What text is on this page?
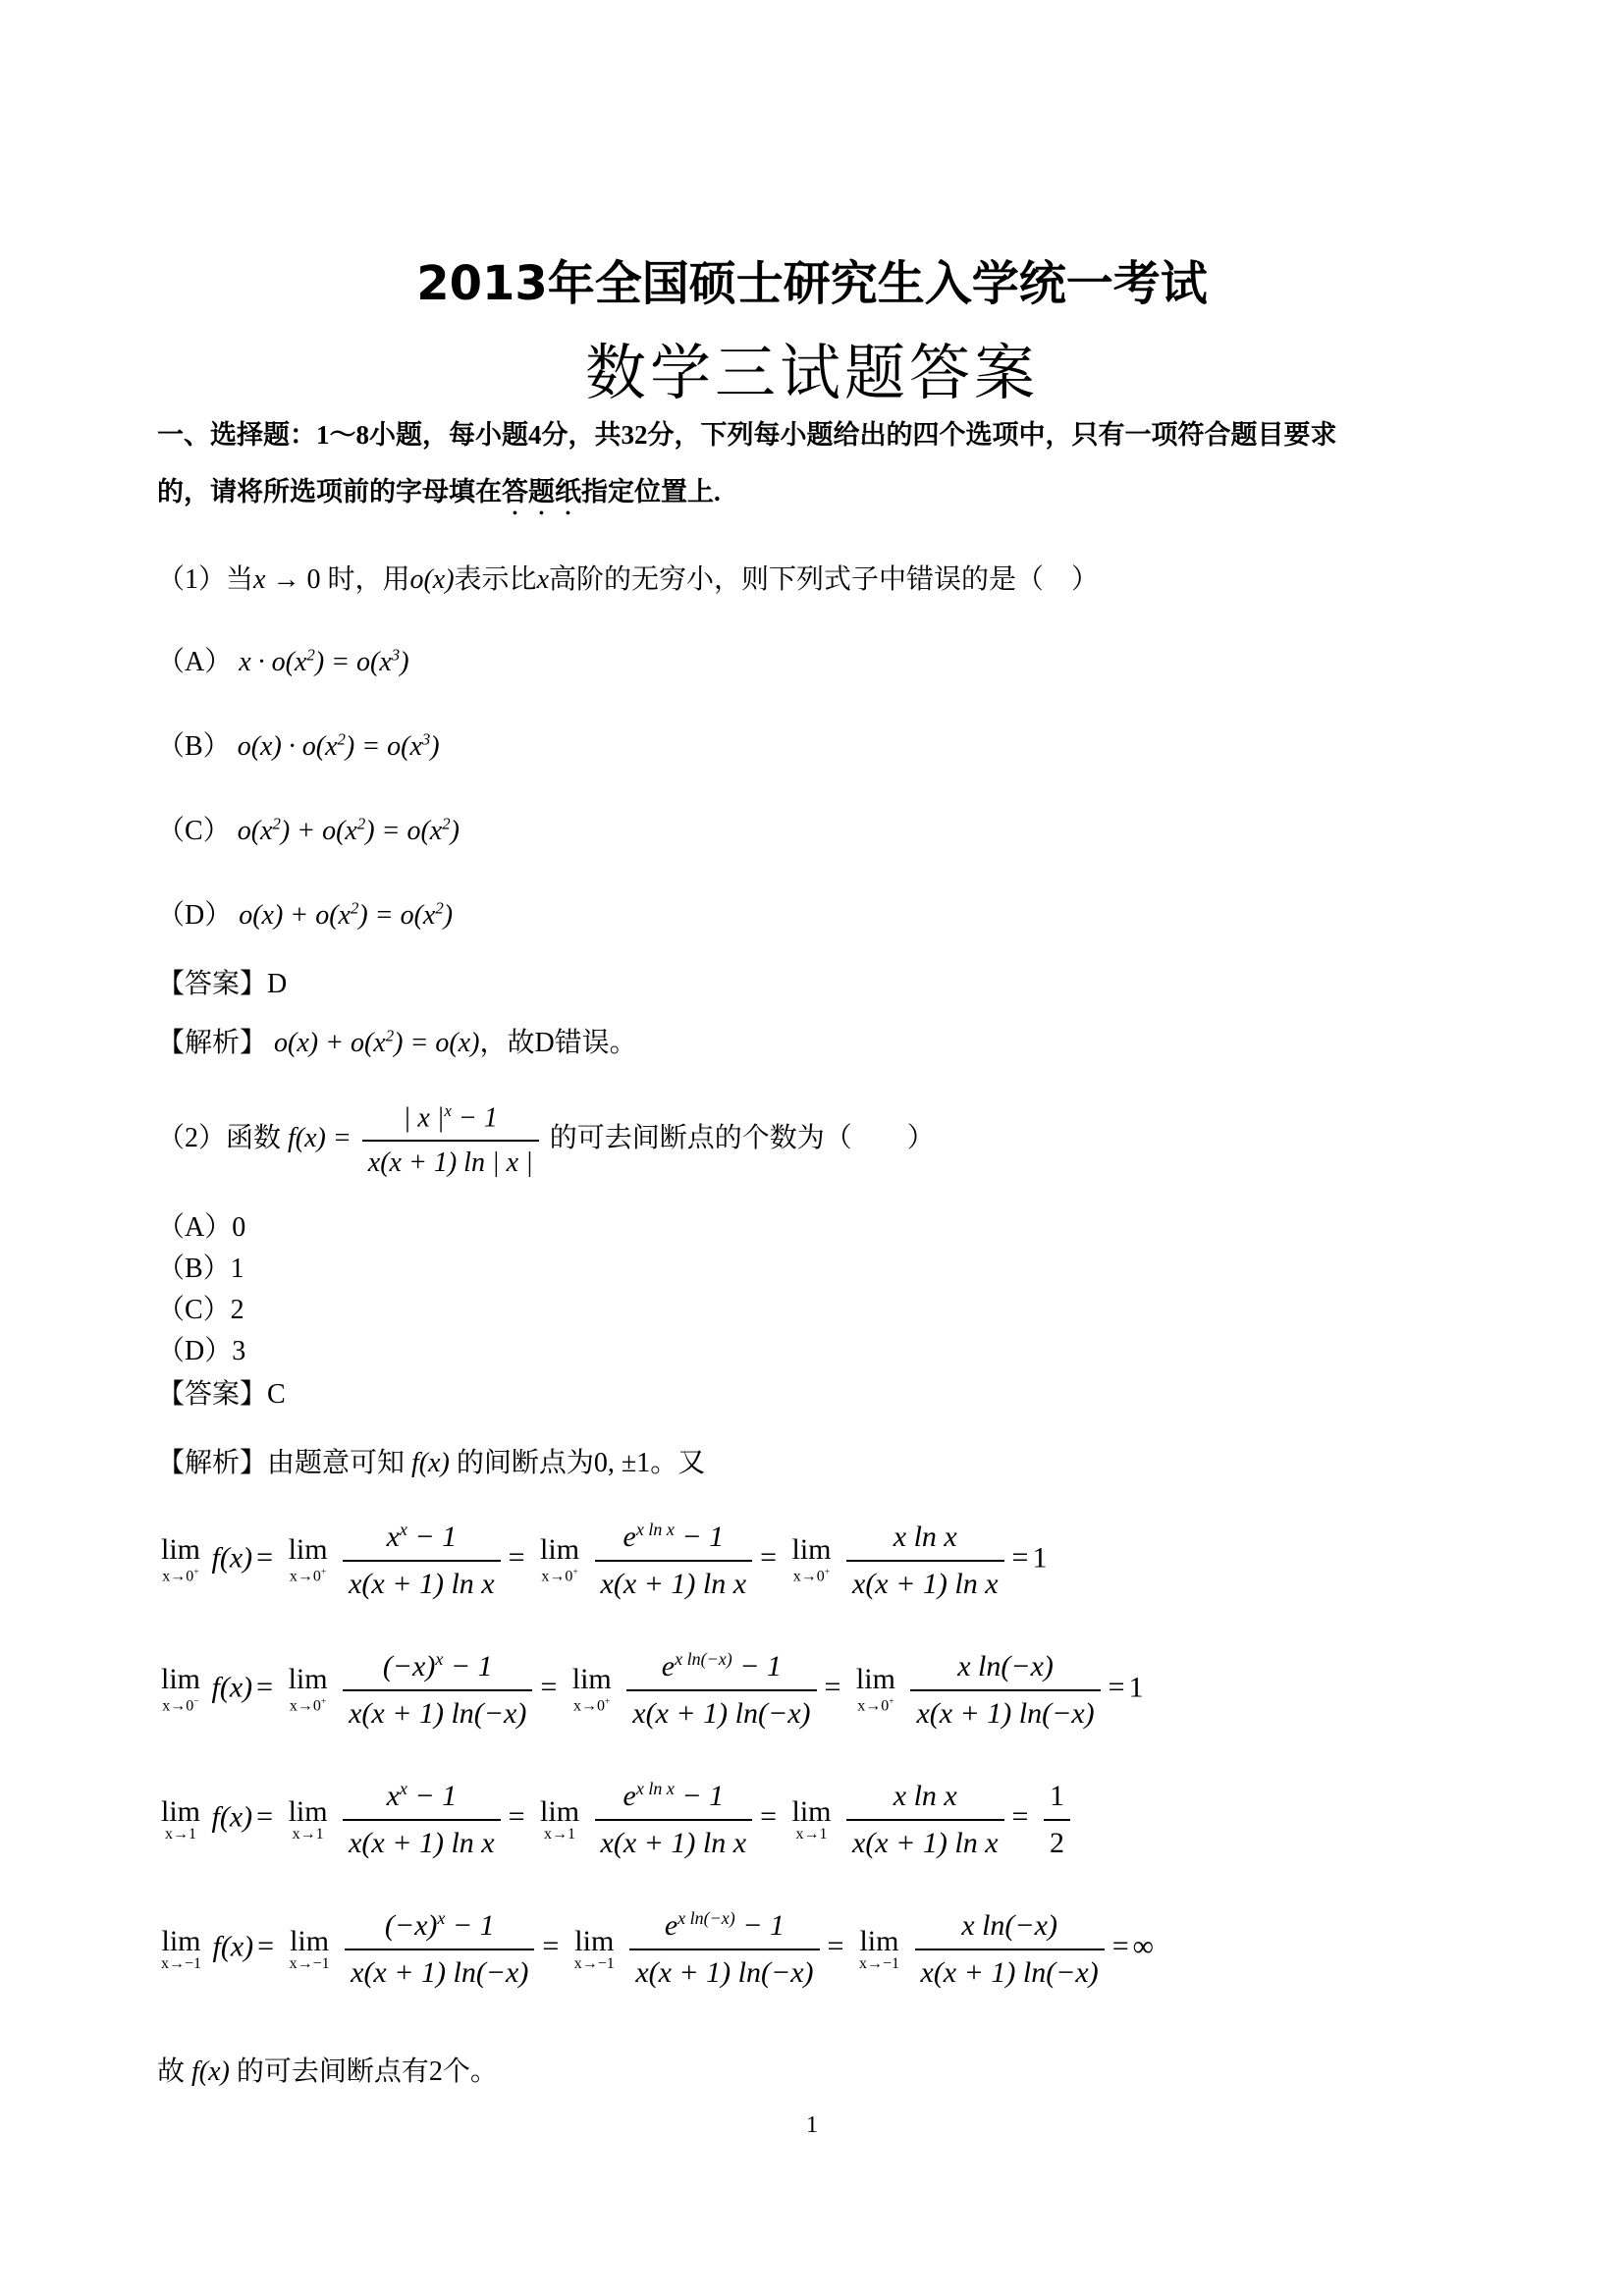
2013年全国硕士研究生入学统一考试
数学三试题答案
一、选择题：1～8小题，每小题4分，共32分，下列每小题给出的四个选项中，只有一项符合题目要求
的，请将所选项前的字母填在答题纸指定位置上.
（1）当x → 0 时，用o(x)表示比x高阶的无穷小，则下列式子中错误的是（　）
（A） $x \cdot o(x^2) = o(x^3)$
（B） $o(x) \cdot o(x^2) = o(x^3)$
（C） $o(x^2) + o(x^2) = o(x^2)$
（D） $o(x) + o(x^2) = o(x^2)$
【答案】D
【解析】 $o(x) + o(x^2) = o(x)$，故D错误。
（2）函数 $f(x) = \frac{| x |^x - 1}{x(x + 1) \ln | x |}$ 的可去间断点的个数为（　　）
（A）0
（B）1
（C）2
（D）3
【答案】C
【解析】由题意可知 f(x) 的间断点为0, ±1。又
lim
x→0+ f(x) = lim
x→0+
$\frac{x^x - 1}{\text{x(x + 1) ln x}} = \lim$
x→0+
$\frac{e^{x ln x} - 1}{\text{x(x + 1) ln x}} = \lim$
x→0+
$\frac{\text{x ln x}}{\text{x(x + 1) ln x}} = 1$
lim
x→0− f(x) = lim
x→0+
$\frac{(-x)^x - 1}{x(x + 1) \ln(-x)} = \lim$
x→0+
$\frac{e^{x ln(-x)} - 1}{x(x + 1) \ln(-x)} = \lim$
x→0+
$\frac{\text{x ln(−x)}}{x(x + 1) \ln(-x)} = 1$
lim
x→1
f(x) = lim
x→1
$\frac{x^x - 1}{\text{x(x + 1) ln x}} = \lim$
x→1
$\frac{e^{x ln x} - 1}{\text{x(x + 1) ln x}} = \lim$
x→1
$\frac{\text{x ln x}}{\text{x(x + 1) ln x}} = \frac{1}{2}$
lim
x→−1
f(x) = lim
x→−1
$\frac{(-x)^x - 1}{x(x + 1) \ln(-x)} = \lim$
x→−1
$\frac{e^{x ln(-x)} - 1}{x(x + 1) \ln(-x)} = \lim$
x→−1
$\frac{\text{x ln(−x)}}{x(x + 1) \ln(-x)}$ = ∞
故 f(x) 的可去间断点有2个。
1
